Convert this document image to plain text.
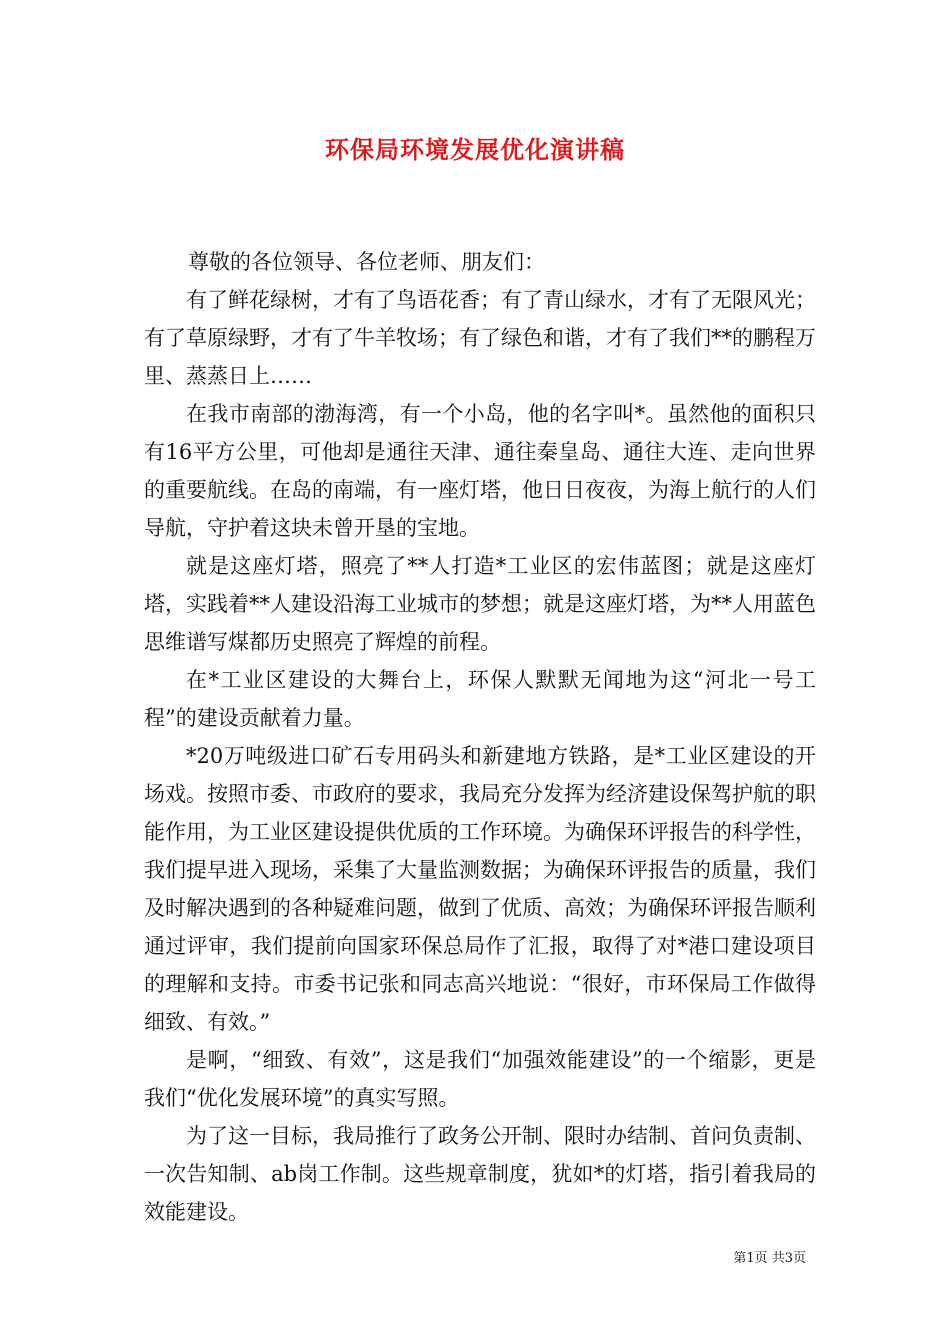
环保局环境发展优化演讲稿

尊敬的各位领导、各位老师、朋友们：

有了鲜花绿树，才有了鸟语花香；有了青山绿水，才有了无限风光；有了草原绿野，才有了牛羊牧场；有了绿色和谐，才有了我们**的鹏程万里、蒸蒸日上……

在我市南部的渤海湾，有一个小岛，他的名字叫*。虽然他的面积只有16平方公里，可他却是通往天津、通往秦皇岛、通往大连、走向世界的重要航线。在岛的南端，有一座灯塔，他日日夜夜，为海上航行的人们导航，守护着这块未曾开垦的宝地。

就是这座灯塔，照亮了**人打造*工业区的宏伟蓝图；就是这座灯塔，实践着**人建设沿海工业城市的梦想；就是这座灯塔，为**人用蓝色思维谱写煤都历史照亮了辉煌的前程。

在*工业区建设的大舞台上，环保人默默无闻地为这“河北一号工程”的建设贡献着力量。

*20万吨级进口矿石专用码头和新建地方铁路，是*工业区建设的开场戏。按照市委、市政府的要求，我局充分发挥为经济建设保驾护航的职能作用，为工业区建设提供优质的工作环境。为确保环评报告的科学性，我们提早进入现场，采集了大量监测数据；为确保环评报告的质量，我们及时解决遇到的各种疑难问题，做到了优质、高效；为确保环评报告顺利通过评审，我们提前向国家环保总局作了汇报，取得了对*港口建设项目的理解和支持。市委书记张和同志高兴地说：“很好，市环保局工作做得细致、有效。”

是啊，“细致、有效”，这是我们“加强效能建设”的一个缩影，更是我们“优化发展环境”的真实写照。

为了这一目标，我局推行了政务公开制、限时办结制、首问负责制、一次告知制、ab岗工作制。这些规章制度，犹如*的灯塔，指引着我局的效能建设。

第1页 共3页
